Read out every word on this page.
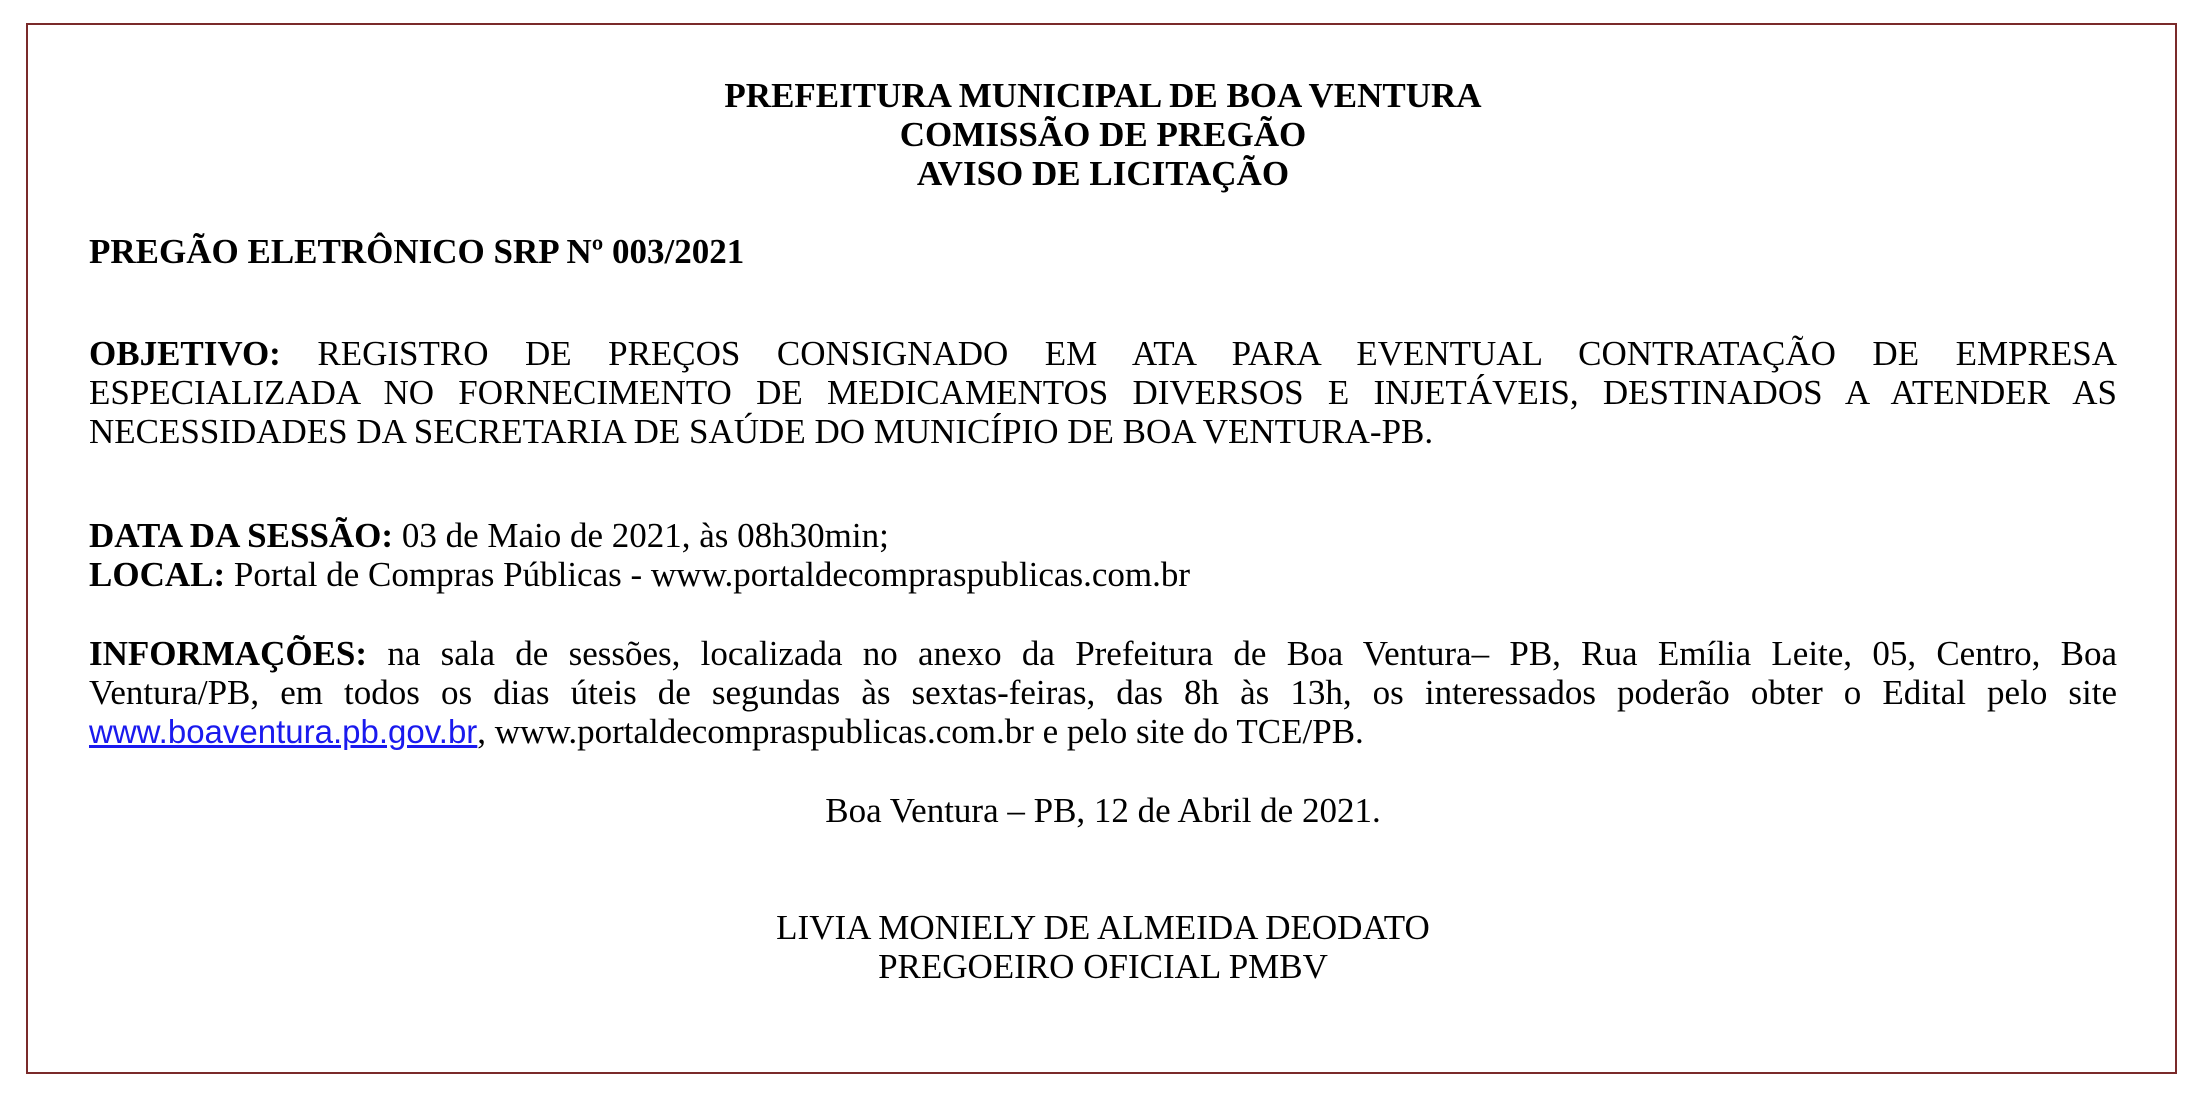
PREFEITURA MUNICIPAL DE BOA VENTURA
COMISSÃO DE PREGÃO
AVISO DE LICITAÇÃO
PREGÃO ELETRÔNICO SRP Nº 003/2021
OBJETIVO: REGISTRO DE PREÇOS CONSIGNADO EM ATA PARA EVENTUAL CONTRATAÇÃO DE EMPRESA
ESPECIALIZADA NO FORNECIMENTO DE MEDICAMENTOS DIVERSOS E INJETÁVEIS, DESTINADOS A ATENDER AS
NECESSIDADES DA SECRETARIA DE SAÚDE DO MUNICÍPIO DE BOA VENTURA-PB.
DATA DA SESSÃO: 03 de Maio de 2021, às 08h30min;
LOCAL: Portal de Compras Públicas - www.portaldecompraspublicas.com.br
INFORMAÇÕES: na sala de sessões, localizada no anexo da Prefeitura de Boa Ventura– PB, Rua Emília Leite, 05, Centro, Boa
Ventura/PB, em todos os dias úteis de segundas às sextas-feiras, das 8h às 13h, os interessados poderão obter o Edital pelo site
www.boaventura.pb.gov.br, www.portaldecompraspublicas.com.br e pelo site do TCE/PB.
Boa Ventura – PB, 12 de Abril de 2021.
LIVIA MONIELY DE ALMEIDA DEODATO
PREGOEIRO OFICIAL PMBV
